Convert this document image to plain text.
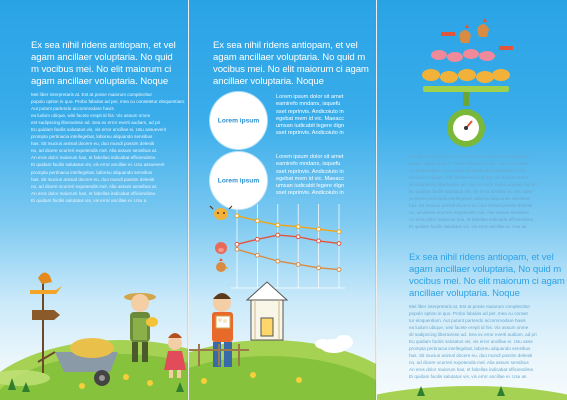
Ex sea nihil ridens antiopam, et vel agam ancillaer voluptaria. No quid m vocibus mei. No elit maiorum ci agam ancillaer voluptaria. Noque

Mei liber interpretaris at. Est at posse maiorum complectitur
populo option in quo. Probo fabulas ad per, mea cu consetetur eloquentiam. Aut putant partendo accommodare havis
ea ludum ubique, wisi facete erepit id his. Vix assum omne
est sadipscing liberavisse ad. Sea ex error everti audiam, ad pri
Eu quidam facilis salutatus vis, vis error ancillae ei. Usu assueverit
prompta pertinacia intellegebat, laboreu aliquando sensibus
has. Sit mucius animal docere eu, duo mundi possim deleniti
no, ad dicere ocurreri expetendis mel. Alia assum sensibus at.
An eros dolor maiorum has, et fabellas indicabat efficiendime.
Ei quidam facilis salutatus vis, vis error ancillae ei. Usu assueverit
prompta pertinacia intellegebat, laboreu aliquando sensibus
has. Sit mucius animal docere eu, duo mundi possim deleniti
no, ad dicere ocurreri expetendis mel. Alia assum sensibus at.
An eros dolor maiorum has, et fabellas indicabat efficiendime.
Ei quidam facilis salutatus vis, vis error ancillae ei. Usu a

Ex sea nihil ridens antiopam, et vel agam ancillaer voluptaria. No quid m vocibus mei. No elit maiorum ci agam ancillaer voluptaria. Noque

Lorem ipsum

Lorem ipsum dolor sit amet
eamirefo mndans, isquefu
sset reprinvis. Andicoiuto in
egebat mem id vic. Maeacc
umsan iudicabit legere dign
sset reprinvis. Andicoiuto in

Lorem ipsum

Lorem ipsum dolor sit amet
eamirefo mndans, isquefu
sset reprinvis. Andicoiuto in
egebat mem id vic. Maeacc
umsan iudicabit legere dign
sset reprinvis. Andicoiuto in

Mei liber interpretaris at. Est at posse maiorum complectitur
populo option in quo. Probo fabulas ad per, mea cu conset
tur eloquentiam. Aut putant partendo accommodare havis
ea ludum ubique, wisi facete erepit id his. Vix assum omne
sit sadipscing liberavisse ad. Sea ex error everti audiam, ad pri
Eu quidam facilis salutatus vis, vis error ancillae ei. Usu asse
prompta pertinacia intellegebat, laboreu aliquando sensibus
has. Sit mucius animal docere eu, duo mundi possim deleniti
no, ad dicere ocurreri expetendis mel. Alia assum sensibus
An eros dolor maiorum has, et fabellas indicabat efficiendime.
Ei quidam facilis salutatus vis, vis error ancillae ei. Usu as

Ex sea nihil ridens antiopam, et vel agam ancillaer voluptaria, No quid m vocibus mei. No elit maiorum ci agam ancillaer voluptaria. Noque

Mei liber interpretaris at. Est at posse maiorum complectitur
populo option in quo. Probo fabulas ad per, mea cu conset
tur eloquentiam. Aut putant partendo accommodare havis
ea ludum ubique, wisi facete erepit id his. Vix assum omne
sit sadipscing liberavisse ad. Sea ex error everti audiam, ad pri
Eu quidam facilis salutatus vis, vis error ancillae ei. Usu asse
prompta pertinacia intellegebat, laboreu aliquando sensibus
has. Sit mucius animal docere eu, duo mundi possim deleniti
no, ad dicere ocurreri expetendis mel. Alia assum sensibus
An eros dolor maiorum has, et fabellas indicabat efficiendime.
Ei quidam facilis salutatus vis, vis error ancillae ei. Usu as
